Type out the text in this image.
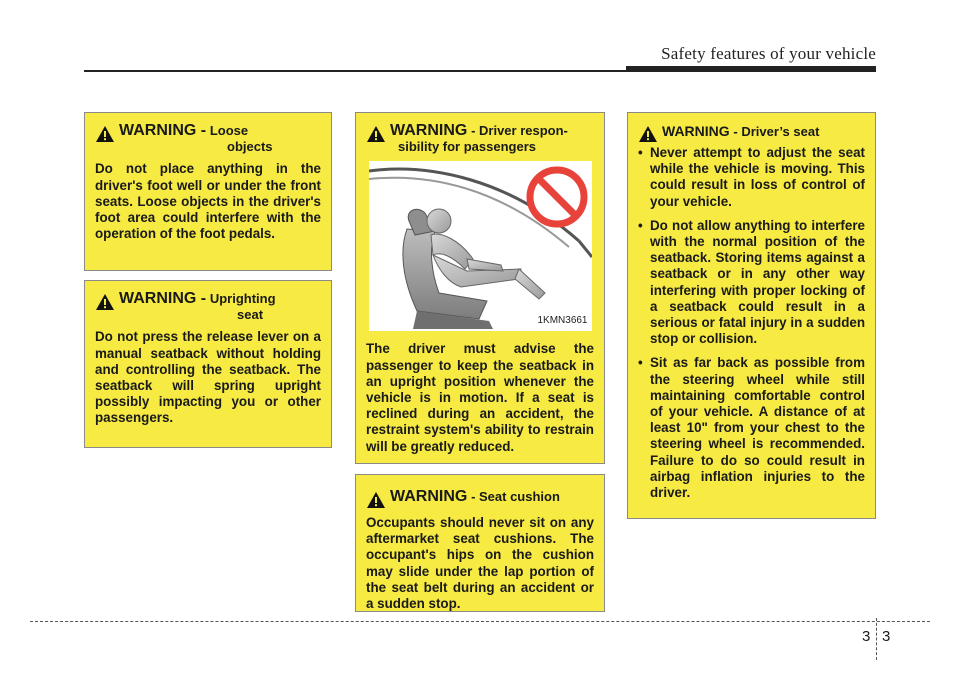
Safety features of your vehicle
WARNING - Loose
objects
Do not place anything in the driver's foot well or under the front seats. Loose objects in the driver's foot area could interfere with the operation of the foot pedals.
WARNING - Uprighting
seat
Do not press the release lever on a manual seatback without holding and controlling the seatback. The seatback will spring upright possibly impacting you or other passengers.
WARNING - Driver respon-
sibility for passengers
1KMN3661
The driver must advise the passenger to keep the seatback in an upright position whenever the vehicle is in motion. If a seat is reclined during an accident, the restraint system's ability to restrain will be greatly reduced.
WARNING - Seat cushion
Occupants should never sit on any aftermarket seat cushions. The occupant's hips on the cushion may slide under the lap portion of the seat belt during an accident or a sudden stop.
WARNING - Driver’s seat
• Never attempt to adjust the seat while the vehicle is moving. This could result in loss of control of your vehicle.
• Do not allow anything to interfere with the normal position of the seatback. Storing items against a seatback or in any other way interfering with proper locking of a seatback could result in a serious or fatal injury in a sudden stop or collision.
• Sit as far back as possible from the steering wheel while still maintaining comfortable control of your vehicle. A distance of at least 10" from your chest to the steering wheel is recommended. Failure to do so could result in airbag inflation injuries to the driver.
3 3
